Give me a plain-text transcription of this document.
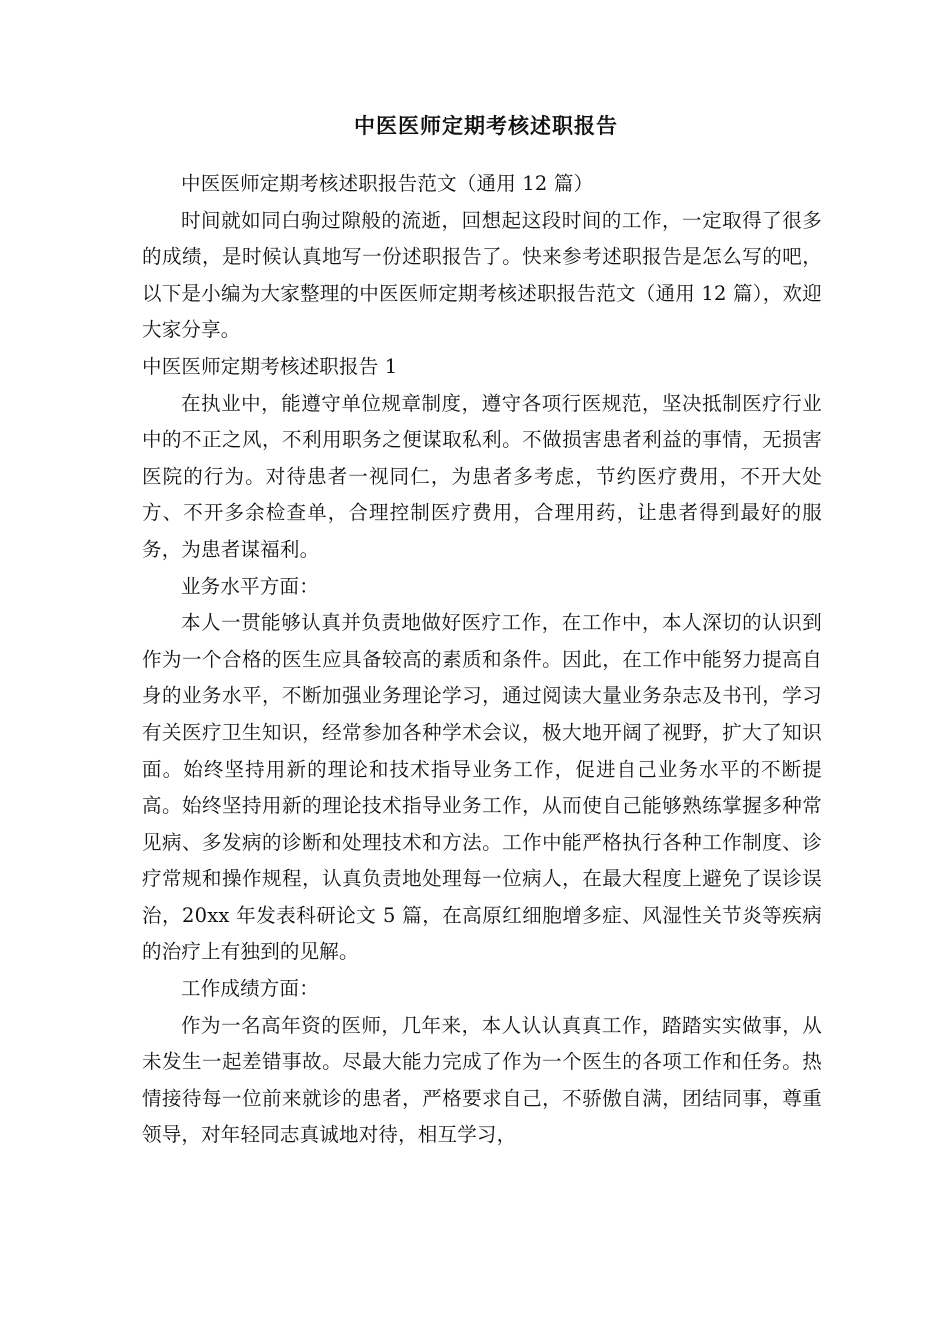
中医医师定期考核述职报告

中医医师定期考核述职报告范文（通用 12 篇）

时间就如同白驹过隙般的流逝，回想起这段时间的工作，一定取得了很多的成绩，是时候认真地写一份述职报告了。快来参考述职报告是怎么写的吧，以下是小编为大家整理的中医医师定期考核述职报告范文（通用 12 篇），欢迎大家分享。

中医医师定期考核述职报告 1

在执业中，能遵守单位规章制度，遵守各项行医规范，坚决抵制医疗行业中的不正之风，不利用职务之便谋取私利。不做损害患者利益的事情，无损害医院的行为。对待患者一视同仁，为患者多考虑，节约医疗费用，不开大处方、不开多余检查单，合理控制医疗费用，合理用药，让患者得到最好的服务，为患者谋福利。

业务水平方面：

本人一贯能够认真并负责地做好医疗工作，在工作中，本人深切的认识到作为一个合格的医生应具备较高的素质和条件。因此，在工作中能努力提高自身的业务水平，不断加强业务理论学习，通过阅读大量业务杂志及书刊，学习有关医疗卫生知识，经常参加各种学术会议，极大地开阔了视野，扩大了知识面。始终坚持用新的理论和技术指导业务工作，促进自己业务水平的不断提高。始终坚持用新的理论技术指导业务工作，从而使自己能够熟练掌握多种常见病、多发病的诊断和处理技术和方法。工作中能严格执行各种工作制度、诊疗常规和操作规程，认真负责地处理每一位病人，在最大程度上避免了误诊误治，20xx 年发表科研论文 5 篇，在高原红细胞增多症、风湿性关节炎等疾病的治疗上有独到的见解。

工作成绩方面：

作为一名高年资的医师，几年来，本人认认真真工作，踏踏实实做事，从未发生一起差错事故。尽最大能力完成了作为一个医生的各项工作和任务。热情接待每一位前来就诊的患者，严格要求自己，不骄傲自满，团结同事，尊重领导，对年轻同志真诚地对待，相互学习，
